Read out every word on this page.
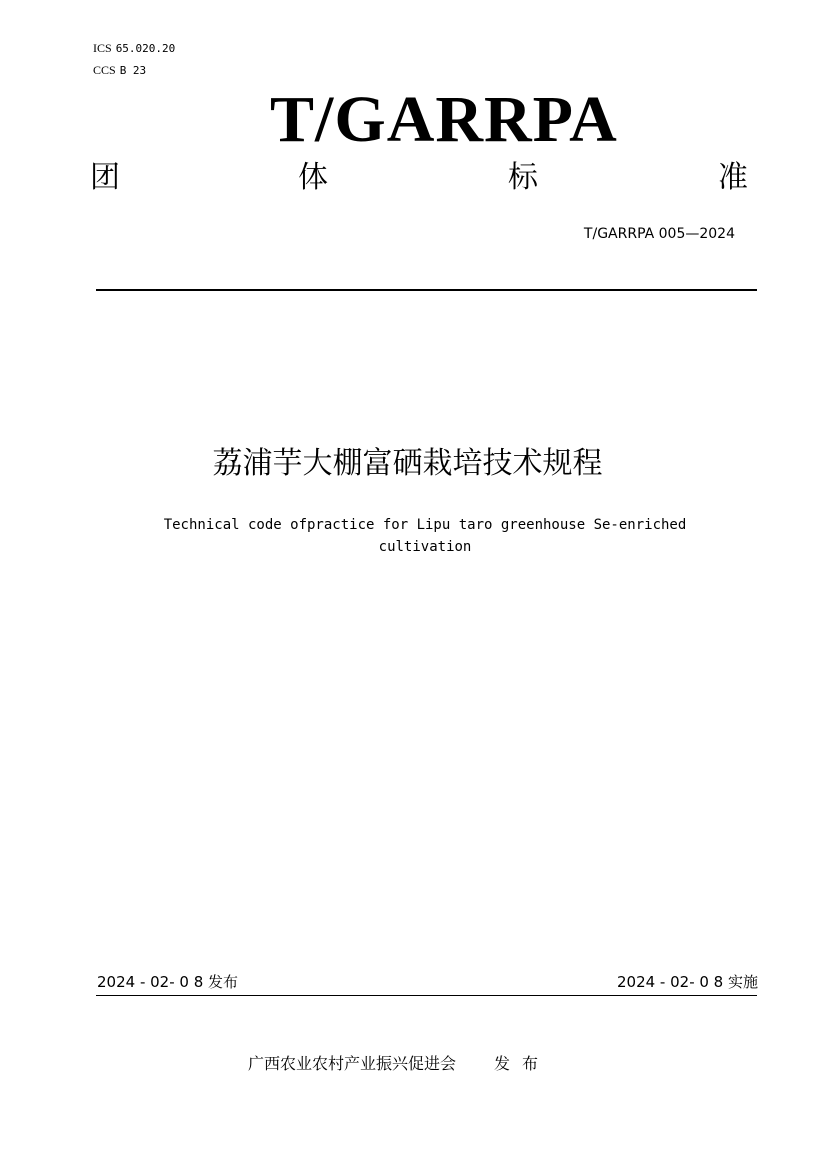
ICS 65.020.20
CCS B 23
T/GARRPA
团	体	标	准
T/GARRPA 005—2024
荔浦芋大棚富硒栽培技术规程
Technical code ofpractice for Lipu taro greenhouse Se-enriched
cultivation
2024 - 02- 0 8 发布	2024 - 02- 0 8 实施
广西农业农村产业振兴促进会 发布
